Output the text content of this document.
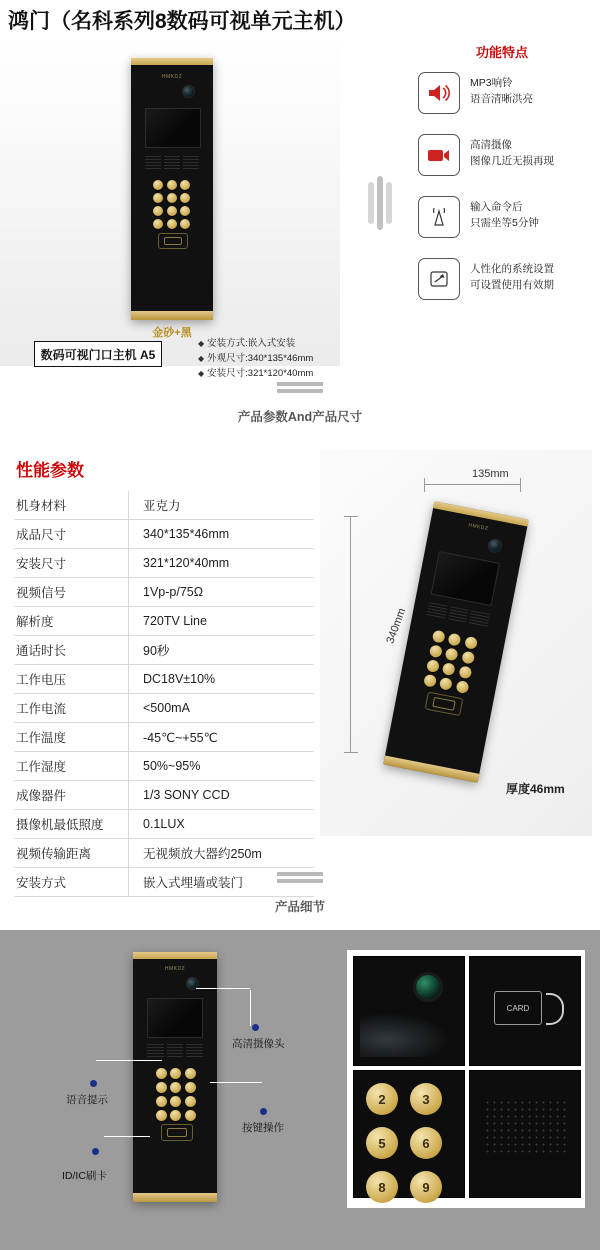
鸿门（名科系列8数码可视单元主机）
HMKDZ
金砂+黑
数码可视门口主机 A5
◆ 安装方式:嵌入式安装
◆ 外观尺寸:340*135*46mm
◆ 安装尺寸:321*120*40mm
功能特点
MP3响铃
语音清晰洪亮
高清摄像
图像几近无损再现
输入命令后
只需坐等5分钟
人性化的系统设置
可设置使用有效期
产品参数And产品尺寸
性能参数
机身材料	亚克力
成品尺寸	340*135*46mm
安装尺寸	321*120*40mm
视频信号	1Vp-p/75Ω
解析度	720TV Line
通话时长	90秒
工作电压	DC18V±10%
工作电流	<500mA
工作温度	-45℃~+55℃
工作湿度	50%~95%
成像器件	1/3 SONY CCD
摄像机最低照度	0.1LUX
视频传输距离	无视频放大器约250m
安装方式	嵌入式埋墙或装门
135mm
340mm
HMKDZ
厚度46mm
产品细节
HMKDZ
高清摄像头
语音提示
按键操作
ID/IC刷卡
CARD
2	3
5	6
8	9
